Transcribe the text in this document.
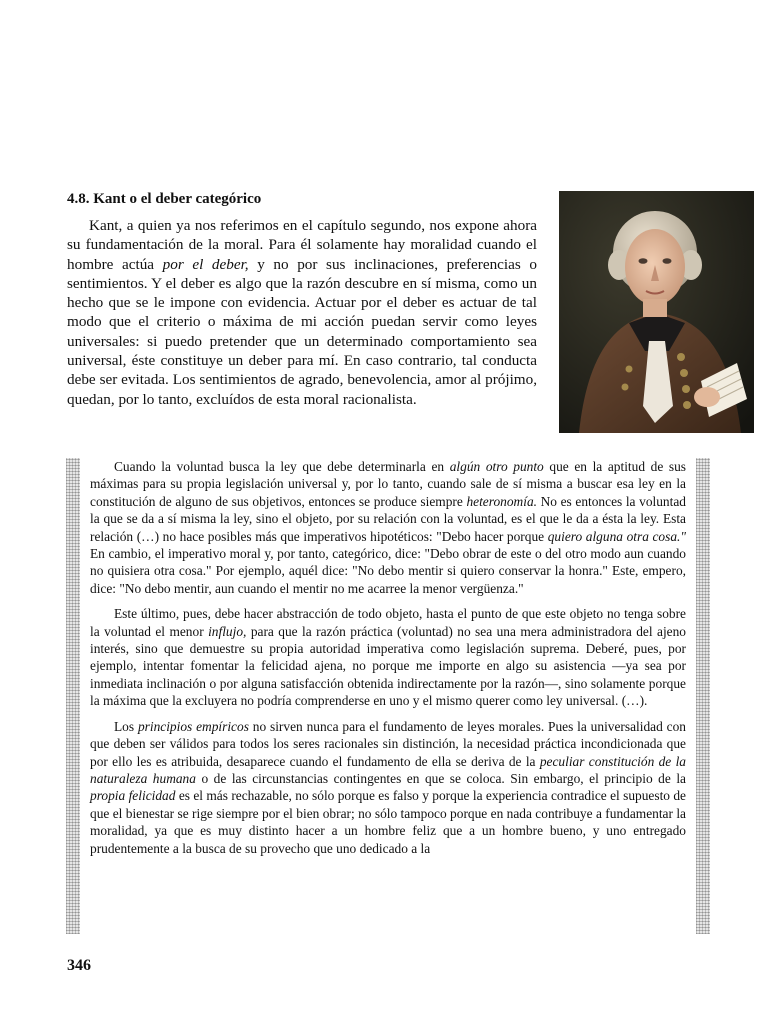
4.8. Kant o el deber categórico

Kant, a quien ya nos referimos en el capítulo segundo, nos expone ahora su fundamentación de la moral. Para él solamente hay moralidad cuando el hombre actúa por el deber, y no por sus inclinaciones, preferencias o sentimientos. Y el deber es algo que la razón descubre en sí misma, como un hecho que se le impone con evidencia. Actuar por el deber es actuar de tal modo que el criterio o máxima de mi acción puedan servir como leyes universales: si puedo pretender que un determinado comportamiento sea universal, éste constituye un deber para mí. En caso contrario, tal conducta debe ser evitada. Los sentimientos de agrado, benevolencia, amor al prójimo, quedan, por lo tanto, excluídos de esta moral racionalista.

Cuando la voluntad busca la ley que debe determinarla en algún otro punto que en la aptitud de sus máximas para su propia legislación universal y, por lo tanto, cuando sale de sí misma a buscar esa ley en la constitución de alguno de sus objetivos, entonces se produce siempre heteronomía. No es entonces la voluntad la que se da a sí misma la ley, sino el objeto, por su relación con la voluntad, es el que le da a ésta la ley. Esta relación (…) no hace posibles más que imperativos hipotéticos: "Debo hacer porque quiero alguna otra cosa." En cambio, el imperativo moral y, por tanto, categórico, dice: "Debo obrar de este o del otro modo aun cuando no quisiera otra cosa." Por ejemplo, aquél dice: "No debo mentir si quiero conservar la honra." Este, empero, dice: "No debo mentir, aun cuando el mentir no me acarree la menor vergüenza."

Este último, pues, debe hacer abstracción de todo objeto, hasta el punto de que este objeto no tenga sobre la voluntad el menor influjo, para que la razón práctica (voluntad) no sea una mera administradora del ajeno interés, sino que demuestre su propia autoridad imperativa como legislación suprema. Deberé, pues, por ejemplo, intentar fomentar la felicidad ajena, no porque me importe en algo su asistencia —ya sea por inmediata inclinación o por alguna satisfacción obtenida indirectamente por la razón—, sino solamente porque la máxima que la excluyera no podría comprenderse en uno y el mismo querer como ley universal. (…).

Los principios empíricos no sirven nunca para el fundamento de leyes morales. Pues la universalidad con que deben ser válidos para todos los seres racionales sin distinción, la necesidad práctica incondicionada que por ello les es atribuida, desaparece cuando el fundamento de ella se deriva de la peculiar constitución de la naturaleza humana o de las circunstancias contingentes en que se coloca. Sin embargo, el principio de la propia felicidad es el más rechazable, no sólo porque es falso y porque la experiencia contradice el supuesto de que el bienestar se rige siempre por el bien obrar; no sólo tampoco porque en nada contribuye a fundamentar la moralidad, ya que es muy distinto hacer a un hombre feliz que a un hombre bueno, y uno entregado prudentemente a la busca de su provecho que uno dedicado a la

346
